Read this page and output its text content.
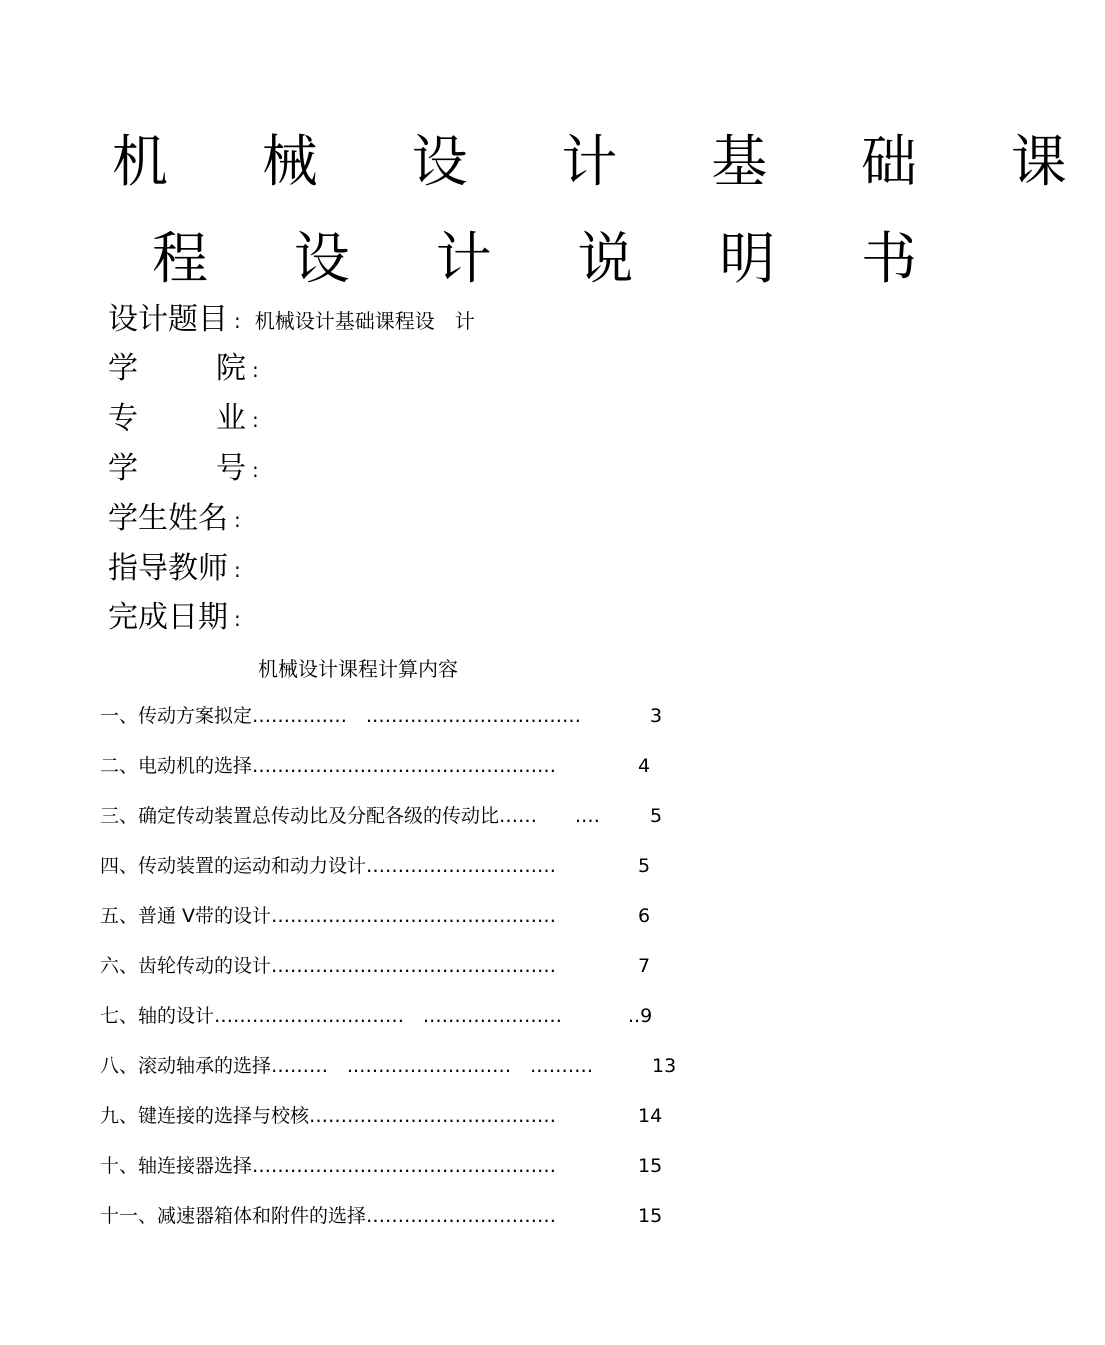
机 械 设 计 基 础 课
程 设 计 说 明 书
设计题目 : 机械设计基础课程设　计
学院 :
专业 :
学号 :
学生姓名 :
指导教师 :
完成日期 :
机械设计课程计算内容
一、传动方案拟定……………　.……………………………	3
二、电动机的选择…………………………………………	4
三、确定传动装置总传动比及分配各级的传动比……　　.…	5
四、传动装置的运动和动力设计…………………………	5
五、普通 V带的设计………………………………………	6
六、齿轮传动的设计………………………………………	7
七、轴的设计…………………………　.…………………	..9
八、滚动轴承的选择………　..……………………　.………	13
九、键连接的选择与校核…………………………………	14
十、轴连接器选择…………………………………………	15
十一、减速器箱体和附件的选择…………………………	15
